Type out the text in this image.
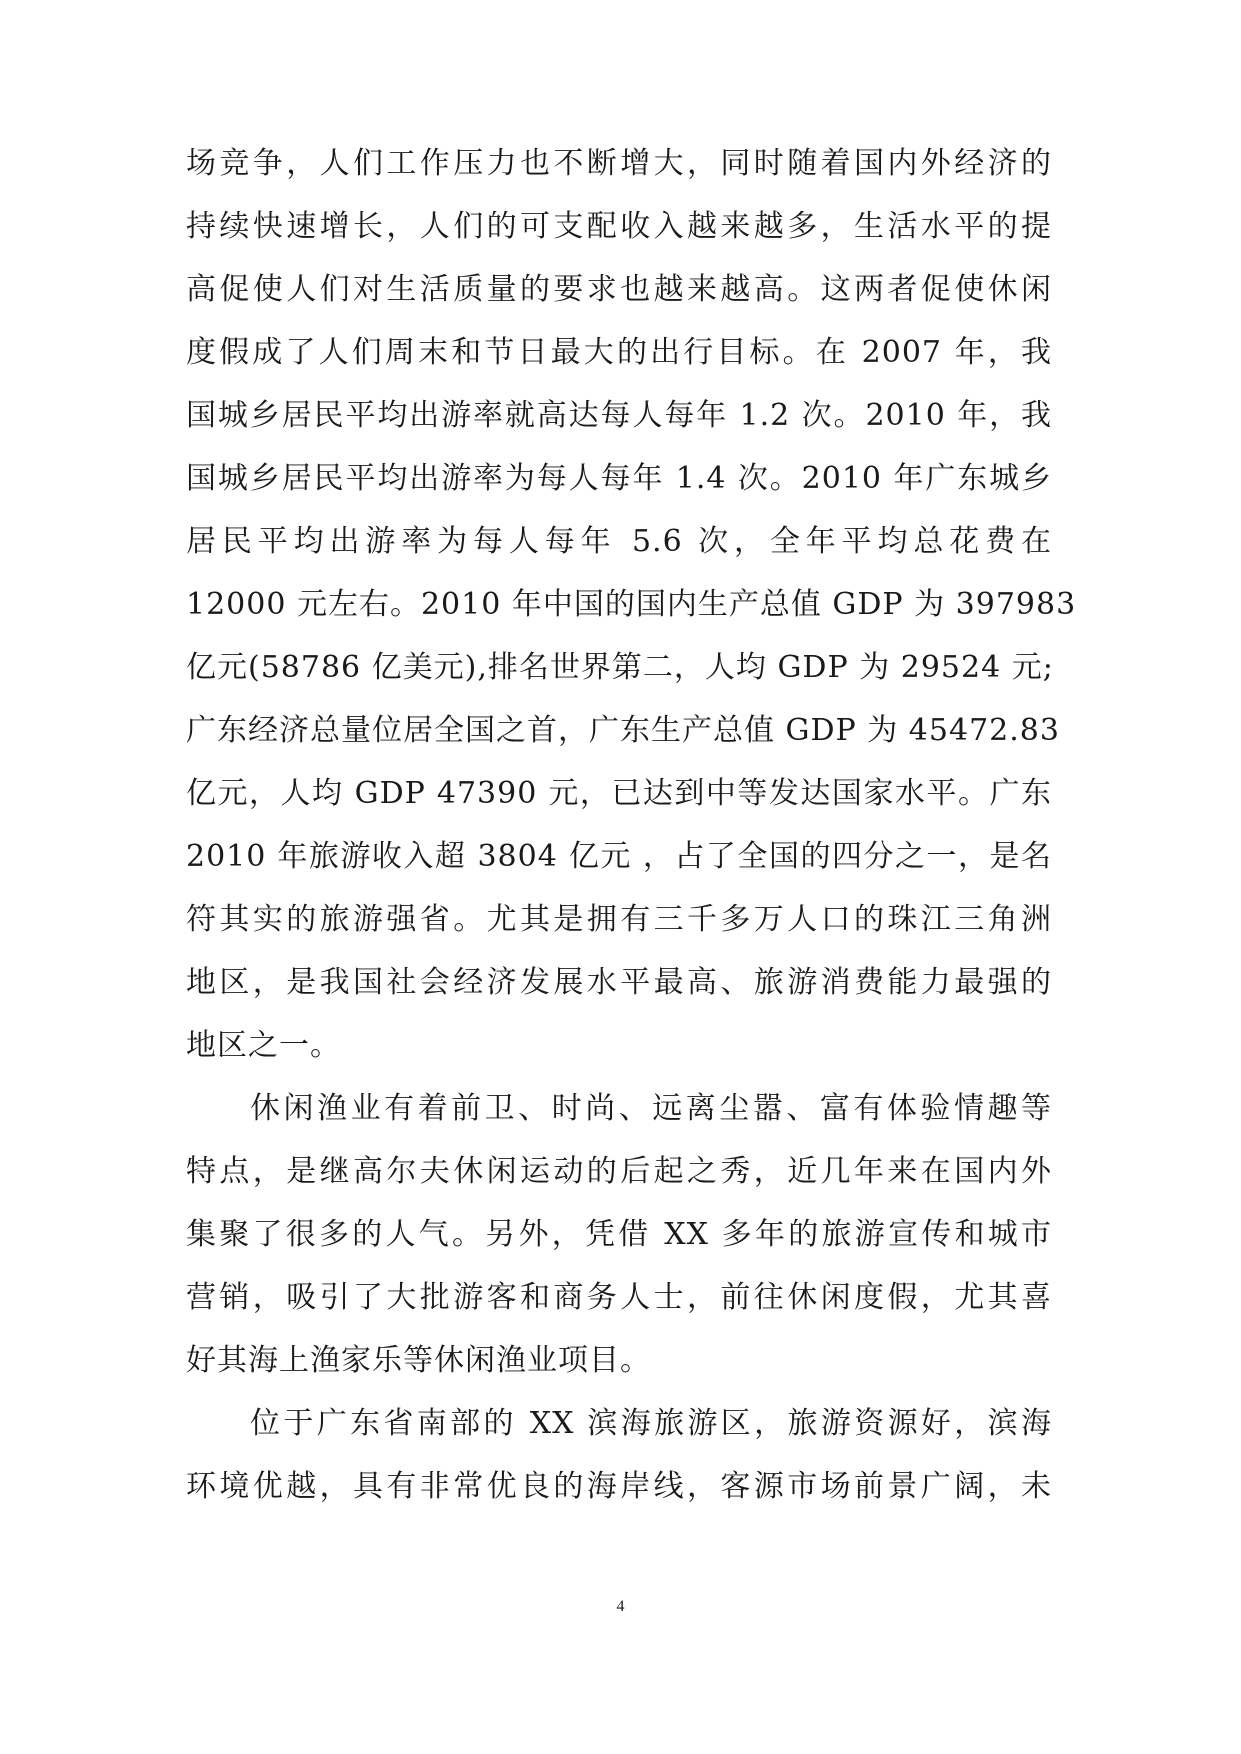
场竞争，人们工作压力也不断增大，同时随着国内外经济的
持续快速增长，人们的可支配收入越来越多，生活水平的提
高促使人们对生活质量的要求也越来越高。这两者促使休闲
度假成了人们周末和节日最大的出行目标。在 2007 年，我
国城乡居民平均出游率就高达每人每年 1.2 次。2010 年，我
国城乡居民平均出游率为每人每年 1.4 次。2010 年广东城乡
居民平均出游率为每人每年 5.6 次，全年平均总花费在
12000 元左右。2010 年中国的国内生产总值 GDP 为 397983
亿元(58786 亿美元),排名世界第二，人均 GDP 为 29524 元;
广东经济总量位居全国之首，广东生产总值 GDP 为 45472.83
亿元，人均 GDP 47390 元，已达到中等发达国家水平。广东
2010 年旅游收入超 3804 亿元 ，占了全国的四分之一，是名
符其实的旅游强省。尤其是拥有三千多万人口的珠江三角洲
地区，是我国社会经济发展水平最高、旅游消费能力最强的
地区之一。
休闲渔业有着前卫、时尚、远离尘嚣、富有体验情趣等
特点，是继高尔夫休闲运动的后起之秀，近几年来在国内外
集聚了很多的人气。另外，凭借 XX 多年的旅游宣传和城市
营销，吸引了大批游客和商务人士，前往休闲度假，尤其喜
好其海上渔家乐等休闲渔业项目。
位于广东省南部的 XX 滨海旅游区，旅游资源好，滨海
环境优越，具有非常优良的海岸线，客源市场前景广阔，未
4
